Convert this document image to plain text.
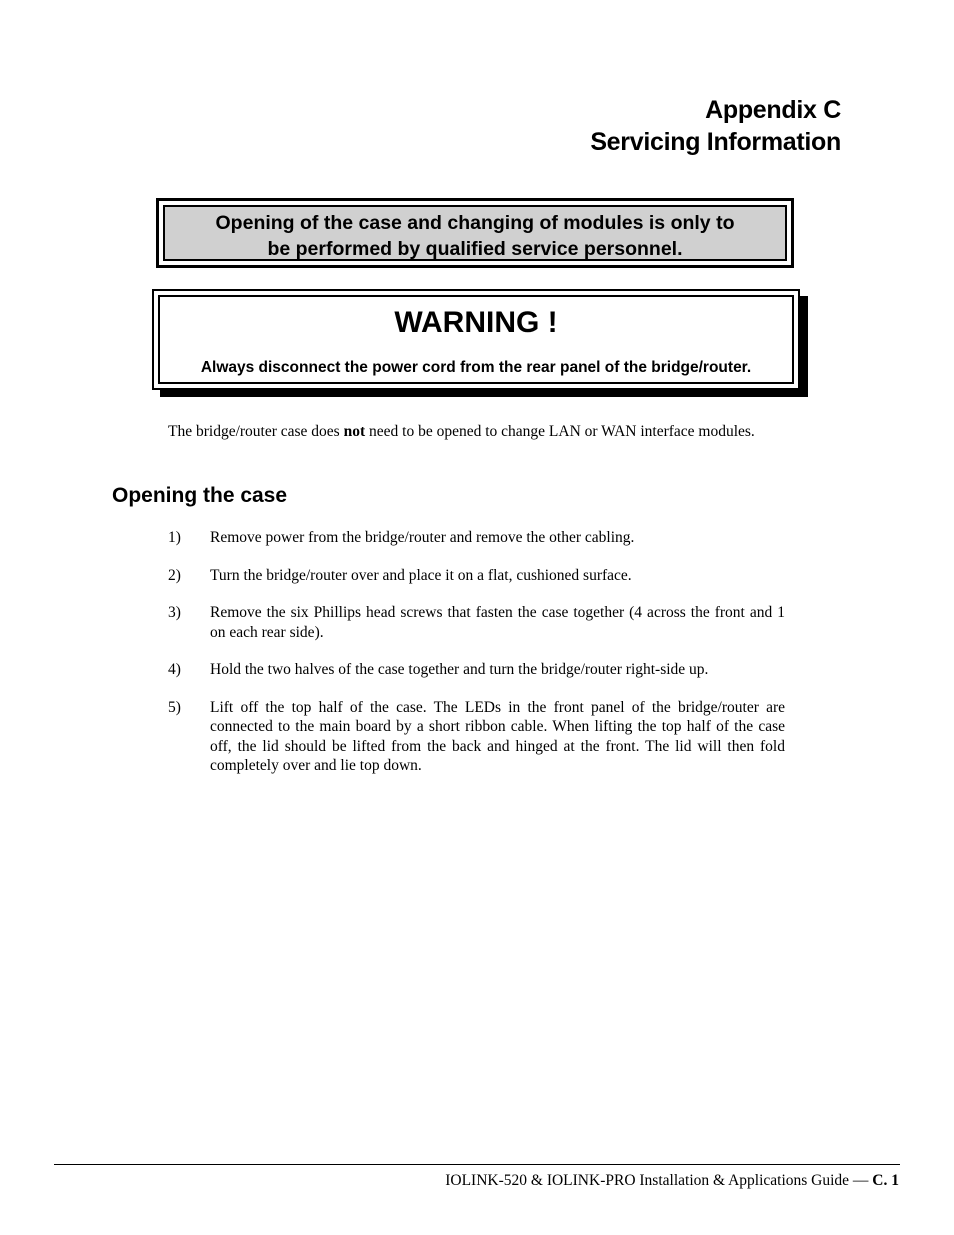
Appendix C
Servicing Information
Opening of the case and changing of modules is only to
be performed by qualified service personnel.
WARNING !
Always disconnect the power cord from the rear panel of the bridge/router.

The bridge/router case does not need to be opened to change LAN or WAN interface modules.

Opening the case
1) Remove power from the bridge/router and remove the other cabling.
2) Turn the bridge/router over and place it on a flat, cushioned surface.
3) Remove the six Phillips head screws that fasten the case together (4 across the front and 1 on each rear side).
4) Hold the two halves of the case together and turn the bridge/router right-side up.
5) Lift off the top half of the case. The LEDs in the front panel of the bridge/router are connected to the main board by a short ribbon cable. When lifting the top half of the case off, the lid should be lifted from the back and hinged at the front. The lid will then fold completely over and lie top down.
IOLINK-520 & IOLINK-PRO Installation & Applications Guide — C. 1
